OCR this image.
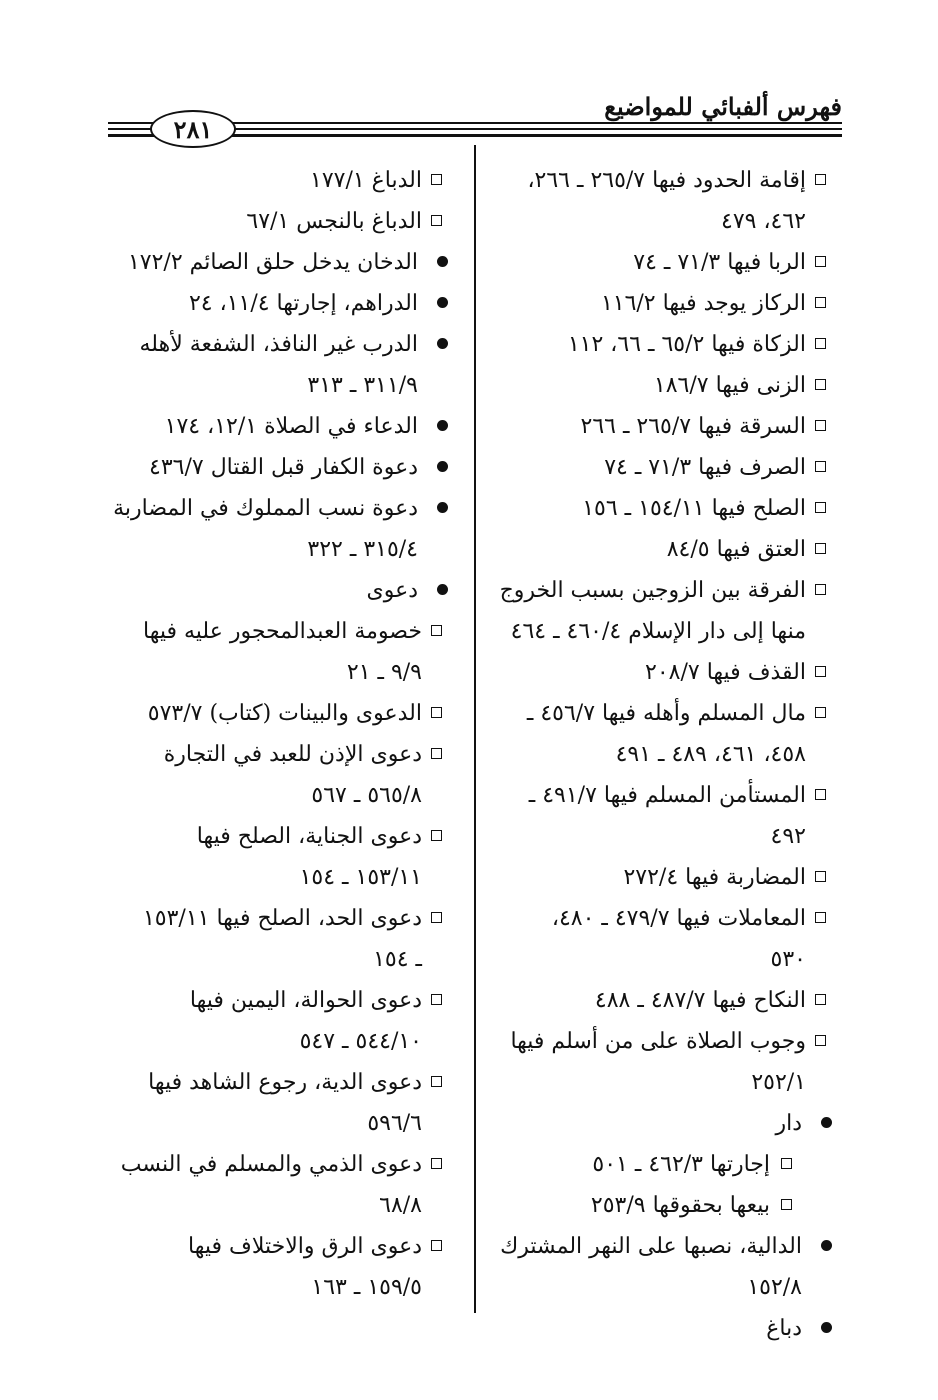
فهرس ألفبائي للمواضيع
٢٨١
إقامة الحدود فيها ٢٦٥/٧ ـ ٢٦٦،
٤٦٢، ٤٧٩
الربا فيها ٧١/٣ ـ ٧٤
الركاز يوجد فيها ١١٦/٢
الزكاة فيها ٦٥/٢ ـ ٦٦، ١١٢
الزنى فيها ١٨٦/٧
السرقة فيها ٢٦٥/٧ ـ ٢٦٦
الصرف فيها ٧١/٣ ـ ٧٤
الصلح فيها ١٥٤/١١ ـ ١٥٦
العتق فيها ٨٤/٥
الفرقة بين الزوجين بسبب الخروج
منها إلى دار الإسلام ٤٦٠/٤ ـ ٤٦٤
القذف فيها ٢٠٨/٧
مال المسلم وأهله فيها ٤٥٦/٧ ـ
٤٥٨، ٤٦١، ٤٨٩ ـ ٤٩١
المستأمن المسلم فيها ٤٩١/٧ ـ
٤٩٢
المضاربة فيها ٢٧٢/٤
المعاملات فيها ٤٧٩/٧ ـ ٤٨٠،
٥٣٠
النكاح فيها ٤٨٧/٧ ـ ٤٨٨
وجوب الصلاة على من أسلم فيها
٢٥٢/١
دار
إجارتها ٤٦٢/٣ ـ ٥٠١
بيعها بحقوقها ٢٥٣/٩
الدالية، نصبها على النهر المشترك
١٥٢/٨
دباغ
الدباغ ١٧٧/١
الدباغ بالنجس ٦٧/١
الدخان يدخل حلق الصائم ١٧٢/٢
الدراهم، إجارتها ١١/٤، ٢٤
الدرب غير النافذ، الشفعة لأهله
٣١١/٩ ـ ٣١٣
الدعاء في الصلاة ١٢/١، ١٧٤
دعوة الكفار قبل القتال ٤٣٦/٧
دعوة نسب المملوك في المضاربة
٣١٥/٤ ـ ٣٢٢
دعوى
خصومة العبدالمحجور عليه فيها
٩/٩ ـ ٢١
الدعوى والبينات (كتاب) ٥٧٣/٧
دعوى الإذن للعبد في التجارة
٥٦٥/٨ ـ ٥٦٧
دعوى الجناية، الصلح فيها
١٥٣/١١ ـ ١٥٤
دعوى الحد، الصلح فيها ١٥٣/١١
ـ ١٥٤
دعوى الحوالة، اليمين فيها
٥٤٤/١٠ ـ ٥٤٧
دعوى الدية، رجوع الشاهد فيها
٥٩٦/٦
دعوى الذمي والمسلم في النسب
٦٨/٨
دعوى الرق والاختلاف فيها
١٥٩/٥ ـ ١٦٣
